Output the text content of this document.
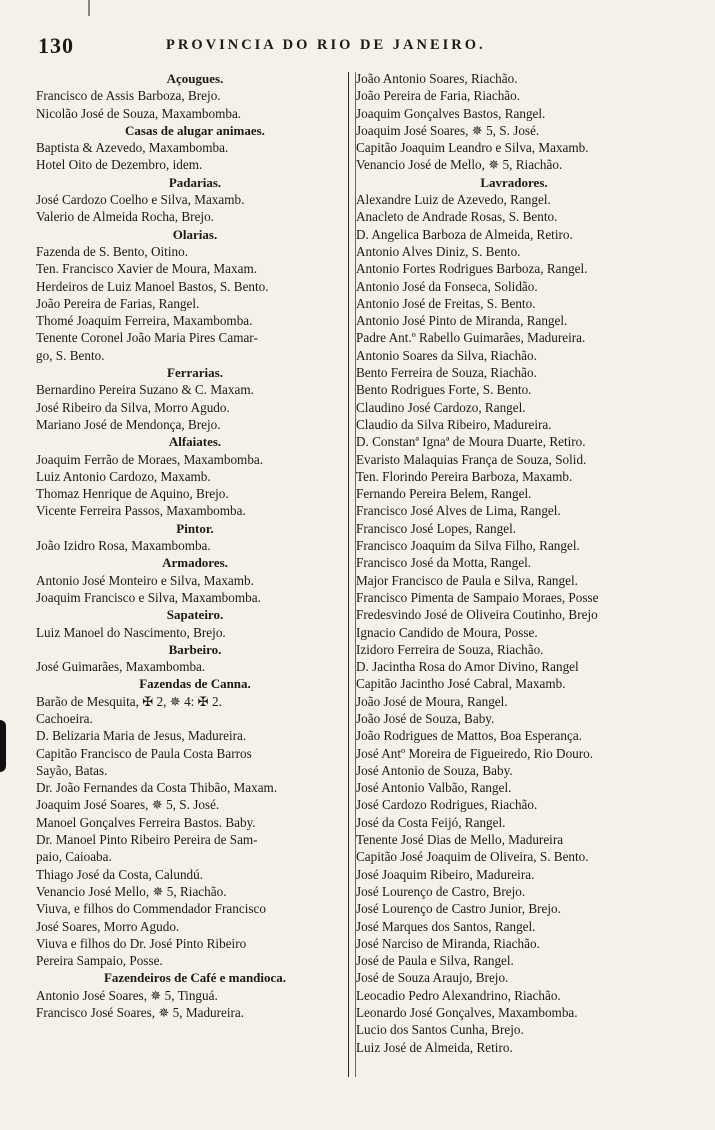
130	PROVINCIA DO RIO DE JANEIRO.
Açougues.
Francisco de Assis Barboza, Brejo.
Nicolão José de Souza, Maxambomba.
Casas de alugar animaes.
Baptista & Azevedo, Maxambomba.
Hotel Oito de Dezembro, idem.
Padarias.
José Cardozo Coelho e Silva, Maxamb.
Valerio de Almeida Rocha, Brejo.
Olarias.
Fazenda de S. Bento, Oitino.
Ten. Francisco Xavier de Moura, Maxam.
Herdeiros de Luiz Manoel Bastos, S. Bento.
João Pereira de Farias, Rangel.
Thomé Joaquim Ferreira, Maxambomba.
Tenente Coronel João Maria Pires Camar-
go, S. Bento.
Ferrarias.
Bernardino Pereira Suzano & C. Maxam.
José Ribeiro da Silva, Morro Agudo.
Mariano José de Mendonça, Brejo.
Alfaiates.
Joaquim Ferrão de Moraes, Maxambomba.
Luiz Antonio Cardozo, Maxamb.
Thomaz Henrique de Aquino, Brejo.
Vicente Ferreira Passos, Maxambomba.
Pintor.
João Izidro Rosa, Maxambomba.
Armadores.
Antonio José Monteiro e Silva, Maxamb.
Joaquim Francisco e Silva, Maxambomba.
Sapateiro.
Luiz Manoel do Nascimento, Brejo.
Barbeiro.
José Guimarães, Maxambomba.
Fazendas de Canna.
Barão de Mesquita, ✠ 2, ✵ 4: ✠ 2.
Cachoeira.
D. Belizaria Maria de Jesus, Madureira.
Capitão Francisco de Paula Costa Barros
Sayão, Batas.
Dr. João Fernandes da Costa Thibão, Maxam.
Joaquim José Soares, ✵ 5, S. José.
Manoel Gonçalves Ferreira Bastos. Baby.
Dr. Manoel Pinto Ribeiro Pereira de Sam-
paio, Caioaba.
Thiago José da Costa, Calundú.
Venancio José Mello, ✵ 5, Riachão.
Viuva, e filhos do Commendador Francisco
José Soares, Morro Agudo.
Viuva e filhos do Dr. José Pinto Ribeiro
Pereira Sampaio, Posse.
Fazendeiros de Café e mandioca.
Antonio José Soares, ✵ 5, Tinguá.
Francisco José Soares, ✵ 5, Madureira.
João Antonio Soares, Riachão.
João Pereira de Faria, Riachão.
Joaquim Gonçalves Bastos, Rangel.
Joaquim José Soares, ✵ 5, S. José.
Capitão Joaquim Leandro e Silva, Maxamb.
Venancio José de Mello, ✵ 5, Riachão.
Lavradores.
Alexandre Luiz de Azevedo, Rangel.
Anacleto de Andrade Rosas, S. Bento.
D. Angelica Barboza de Almeida, Retiro.
Antonio Alves Diniz, S. Bento.
Antonio Fortes Rodrigues Barboza, Rangel.
Antonio José da Fonseca, Solidão.
Antonio José de Freitas, S. Bento.
Antonio José Pinto de Miranda, Rangel.
Padre Ant.º Rabello Guimarães, Madureira.
Antonio Soares da Silva, Riachão.
Bento Ferreira de Souza, Riachão.
Bento Rodrigues Forte, S. Bento.
Claudino José Cardozo, Rangel.
Claudio da Silva Ribeiro, Madureira.
D. Constanª Ignaª de Moura Duarte, Retiro.
Evaristo Malaquias França de Souza, Solid.
Ten. Florindo Pereira Barboza, Maxamb.
Fernando Pereira Belem, Rangel.
Francisco José Alves de Lima, Rangel.
Francisco José Lopes, Rangel.
Francisco Joaquim da Silva Filho, Rangel.
Francisco José da Motta, Rangel.
Major Francisco de Paula e Silva, Rangel.
Francisco Pimenta de Sampaio Moraes, Posse
Fredesvindo José de Oliveira Coutinho, Brejo
Ignacio Candido de Moura, Posse.
Izidoro Ferreira de Souza, Riachão.
D. Jacintha Rosa do Amor Divino, Rangel
Capitão Jacintho José Cabral, Maxamb.
João José de Moura, Rangel.
João José de Souza, Baby.
João Rodrigues de Mattos, Boa Esperança.
José Antº Moreira de Figueiredo, Rio Douro.
José Antonio de Souza, Baby.
José Antonio Valbão, Rangel.
José Cardozo Rodrigues, Riachão.
José da Costa Feijó, Rangel.
Tenente José Dias de Mello, Madureira
Capitão José Joaquim de Oliveira, S. Bento.
José Joaquim Ribeiro, Madureira.
José Lourenço de Castro, Brejo.
José Lourenço de Castro Junior, Brejo.
José Marques dos Santos, Rangel.
José Narciso de Miranda, Riachão.
José de Paula e Silva, Rangel.
José de Souza Araujo, Brejo.
Leocadio Pedro Alexandrino, Riachão.
Leonardo José Gonçalves, Maxambomba.
Lucio dos Santos Cunha, Brejo.
Luiz José de Almeida, Retiro.
